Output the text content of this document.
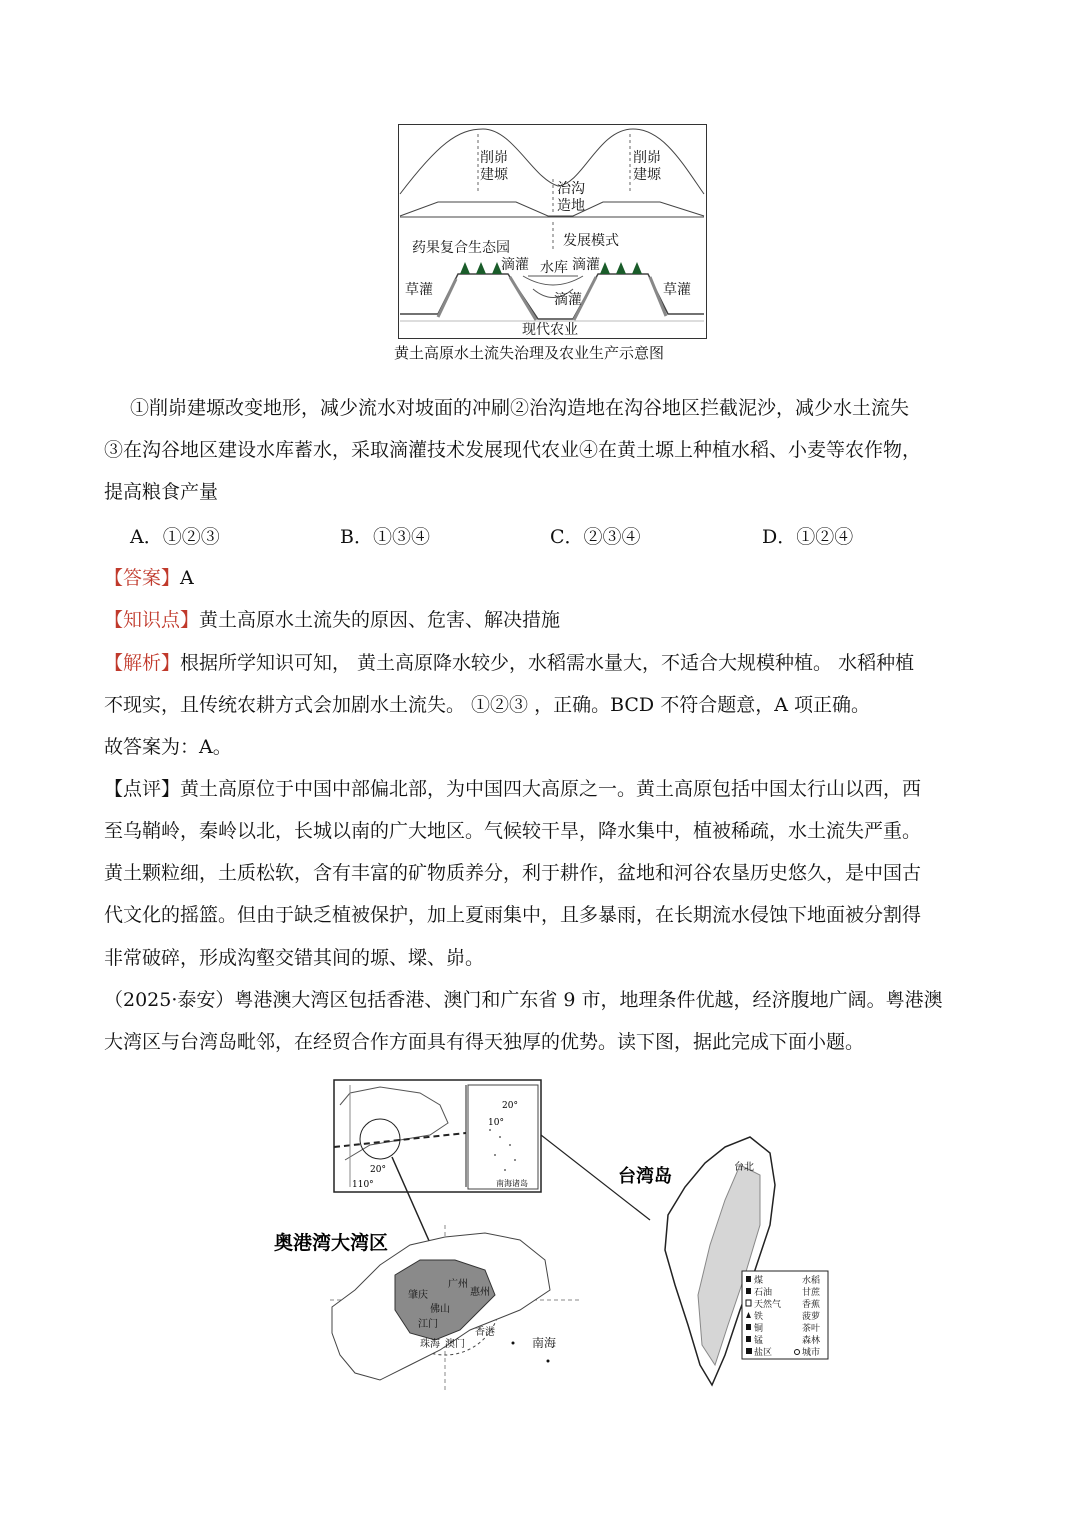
削峁
建塬
削峁
建塬
治沟
造地
药果复合生态园	发展模式
滴灌 水库 滴灌
滴灌
草灌	草灌
现代农业
黄土高原水土流失治理及农业生产示意图
①削峁建塬改变地形，减少流水对坡面的冲刷②治沟造地在沟谷地区拦截泥沙，减少水土流失
③在沟谷地区建设水库蓄水，采取滴灌技术发展现代农业④在黄土塬上种植水稻、小麦等农作物，
提高粮食产量
A．①②③	B．①③④	C．②③④	D．①②④
【答案】A
【知识点】黄土高原水土流失的原因、危害、解决措施
【解析】根据所学知识可知， 黄土高原降水较少，水稻需水量大，不适合大规模种植。 水稻种植
不现实，且传统农耕方式会加剧水土流失。 ①②③ ，正确。BCD 不符合题意，A 项正确。
故答案为：A。
【点评】黄土高原位于中国中部偏北部，为中国四大高原之一。黄土高原包括中国太行山以西，西
至乌鞘岭，秦岭以北，长城以南的广大地区。气候较干旱，降水集中，植被稀疏，水土流失严重。
黄土颗粒细，土质松软，含有丰富的矿物质养分，利于耕作，盆地和河谷农垦历史悠久，是中国古
代文化的摇篮。但由于缺乏植被保护，加上夏雨集中，且多暴雨，在长期流水侵蚀下地面被分割得
非常破碎，形成沟壑交错其间的塬、墚、峁。
（2025·泰安）粤港澳大湾区包括香港、澳门和广东省 9 市，地理条件优越，经济腹地广阔。粤港澳
大湾区与台湾岛毗邻，在经贸合作方面具有得天独厚的优势。读下图，据此完成下面小题。
20°
110°
20°
10°
南海诸岛
奥港湾大湾区
肇庆
广州
惠州
佛山
江门
香港
珠海 澳门	南海
台湾岛	台北
煤
石油
天然气
铁
铜
锰
盐区
水稻
甘蔗
香蕉
菠萝
茶叶
森林
城市
